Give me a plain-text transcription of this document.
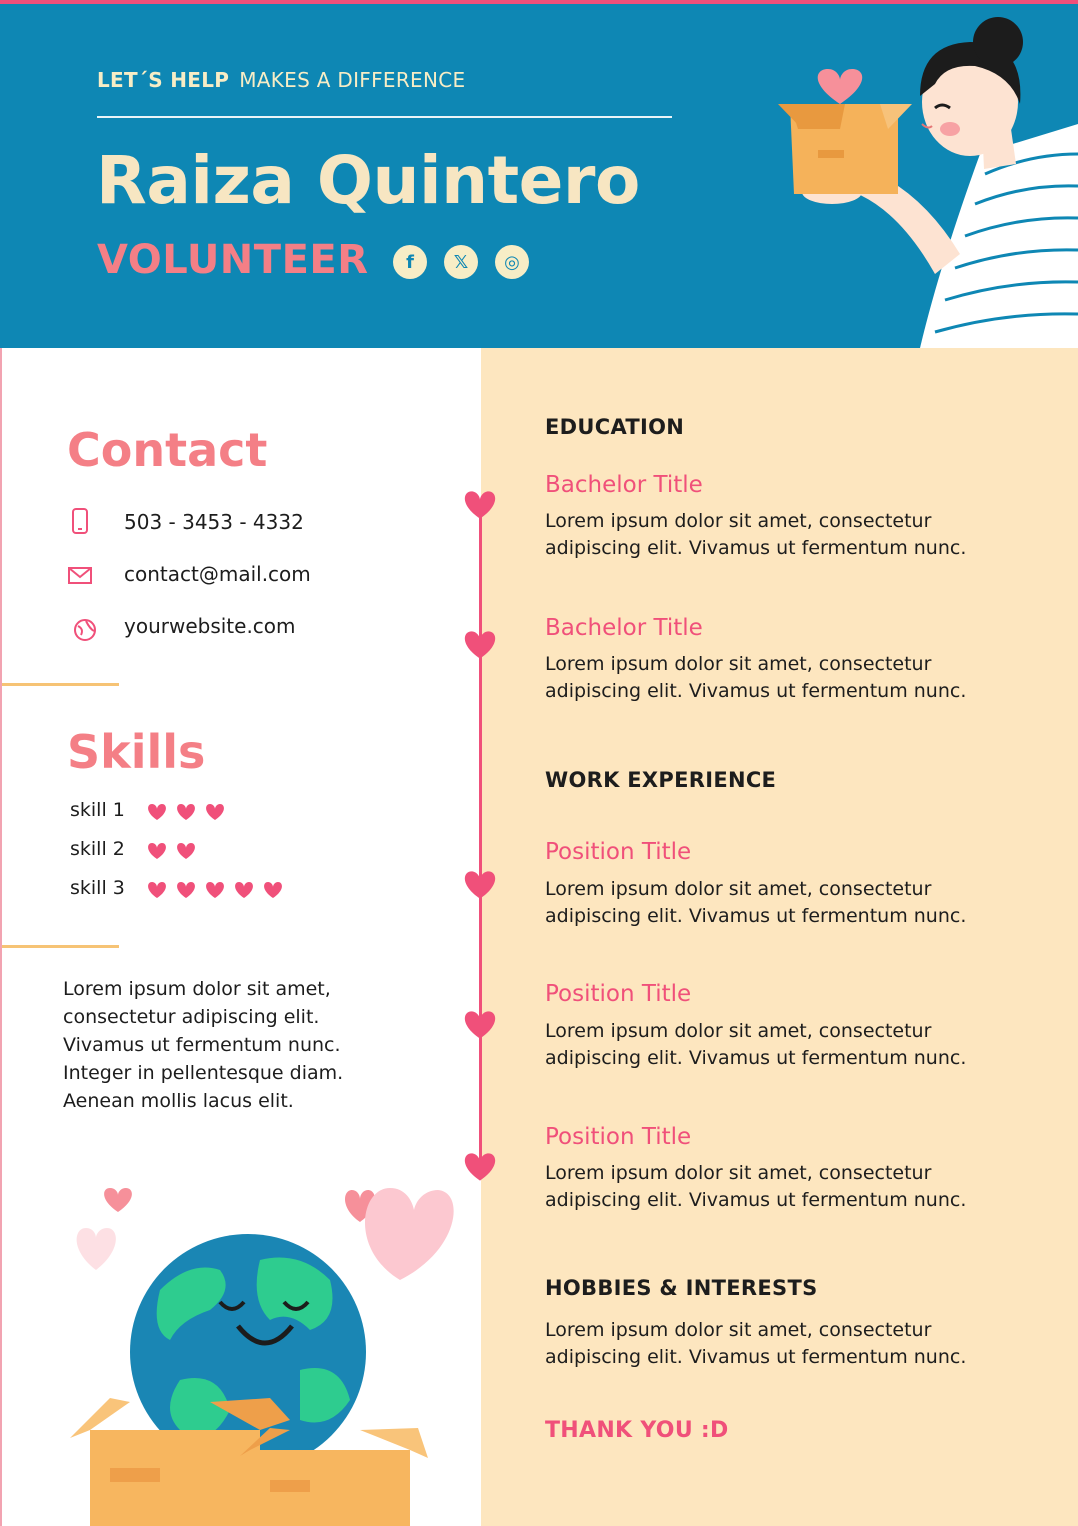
LET´S HELP MAKES A DIFFERENCE
Raiza Quintero
VOLUNTEER f 𝕏 ◎
Contact
503 - 3453 - 4332
contact@mail.com
yourwebsite.com
Skills
skill 1
skill 2
skill 3
Lorem ipsum dolor sit amet, consectetur adipiscing elit. Vivamus ut fermentum nunc. Integer in pellentesque diam. Aenean mollis lacus elit.
EDUCATION
Bachelor Title
Lorem ipsum dolor sit amet, consectetur adipiscing elit. Vivamus ut fermentum nunc.
Bachelor Title
Lorem ipsum dolor sit amet, consectetur adipiscing elit. Vivamus ut fermentum nunc.
WORK EXPERIENCE
Position Title
Lorem ipsum dolor sit amet, consectetur adipiscing elit. Vivamus ut fermentum nunc.
Position Title
Lorem ipsum dolor sit amet, consectetur adipiscing elit. Vivamus ut fermentum nunc.
Position Title
Lorem ipsum dolor sit amet, consectetur adipiscing elit. Vivamus ut fermentum nunc.
HOBBIES & INTERESTS
Lorem ipsum dolor sit amet, consectetur adipiscing elit. Vivamus ut fermentum nunc.
THANK YOU :D
